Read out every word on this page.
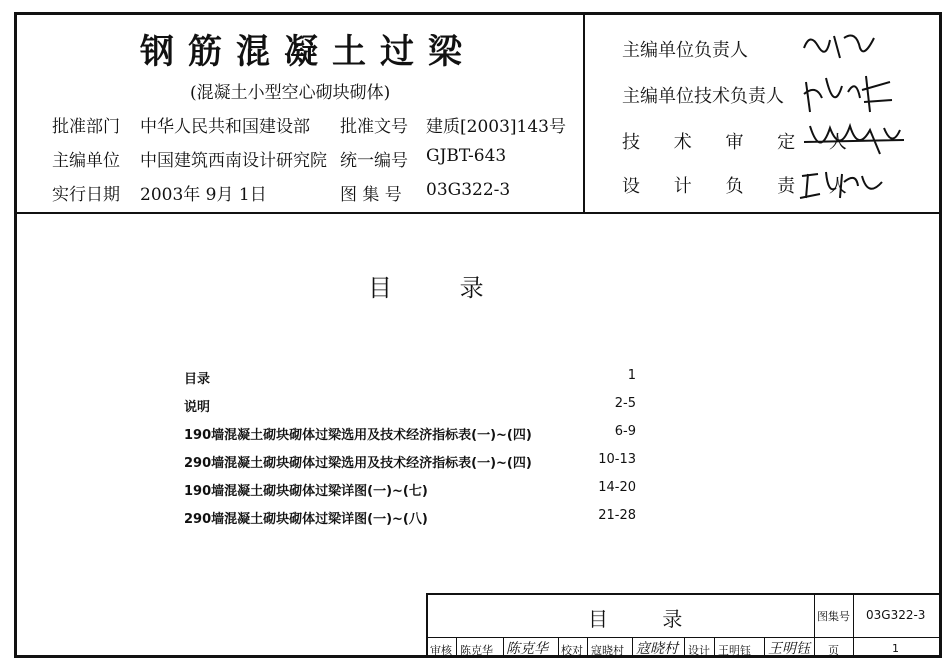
钢筋混凝土过梁
(混凝土小型空心砌块砌体)
批准部门 中华人民共和国建设部 批准文号 建质[2003]143号
主编单位 中国建筑西南设计研究院 统一编号 GJBT-643
实行日期 2003年 9月 1日	图 集 号 03G322-3
主编单位负责人
主编单位技术负责人
技 术 审 定 人
设 计 负 责 人
目 录
目录	1
说明	2-5
190墙混凝土砌块砌体过梁选用及技术经济指标表(一)~(四)	6-9
290墙混凝土砌块砌体过梁选用及技术经济指标表(一)~(四)	10-13
190墙混凝土砌块砌体过梁详图(一)~(七)	14-20
290墙混凝土砌块砌体过梁详图(一)~(八)	21-28
目 录	图集号 03G322-3
审核 陈克华 陈克华 校对 寇晓村 寇晓村 设计 王明钰 王明钰 页	1
